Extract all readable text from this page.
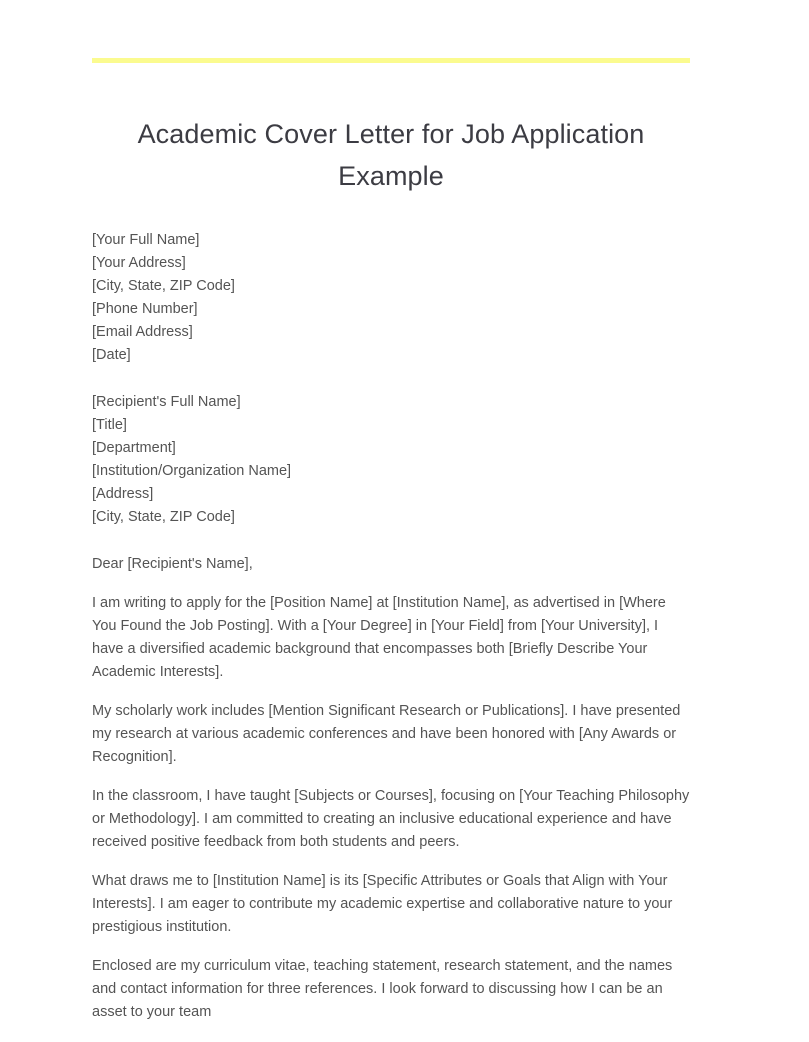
Academic Cover Letter for Job Application Example
[Your Full Name]
[Your Address]
[City, State, ZIP Code]
[Phone Number]
[Email Address]
[Date]
[Recipient's Full Name]
[Title]
[Department]
[Institution/Organization Name]
[Address]
[City, State, ZIP Code]

Dear [Recipient's Name],

I am writing to apply for the [Position Name] at [Institution Name], as advertised in [Where You Found the Job Posting]. With a [Your Degree] in [Your Field] from [Your University], I have a diversified academic background that encompasses both [Briefly Describe Your Academic Interests].

My scholarly work includes [Mention Significant Research or Publications]. I have presented my research at various academic conferences and have been honored with [Any Awards or Recognition].

In the classroom, I have taught [Subjects or Courses], focusing on [Your Teaching Philosophy or Methodology]. I am committed to creating an inclusive educational experience and have received positive feedback from both students and peers.

What draws me to [Institution Name] is its [Specific Attributes or Goals that Align with Your Interests]. I am eager to contribute my academic expertise and collaborative nature to your prestigious institution.

Enclosed are my curriculum vitae, teaching statement, research statement, and the names and contact information for three references. I look forward to discussing how I can be an asset to your team
